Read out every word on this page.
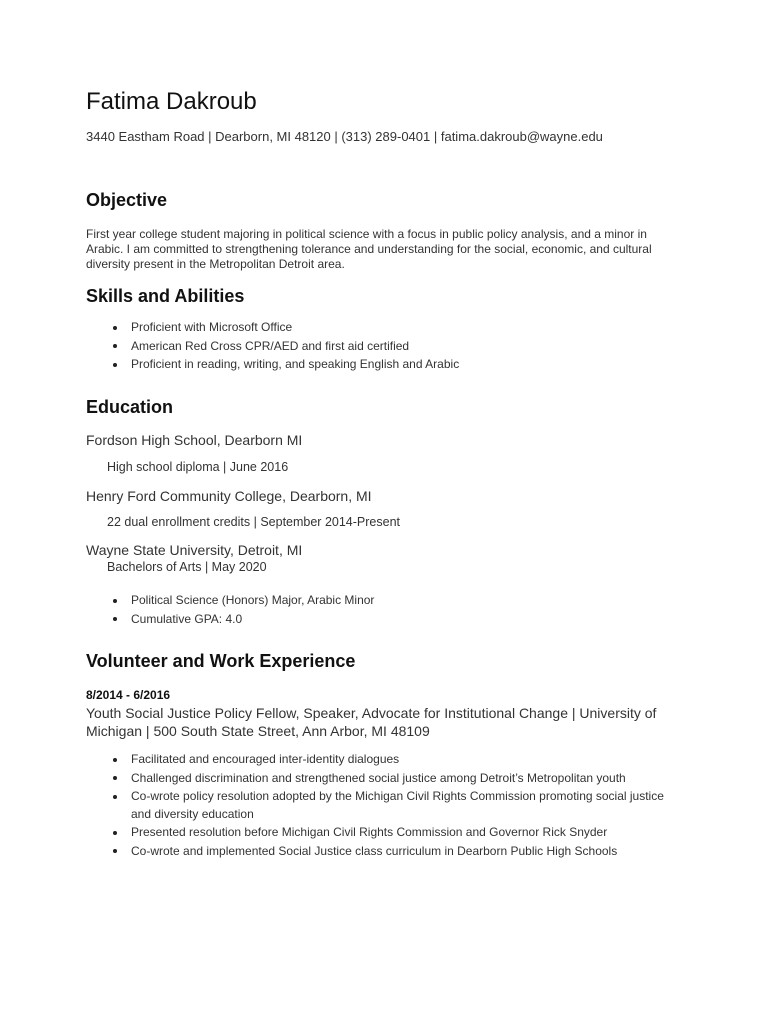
Fatima Dakroub
3440 Eastham Road | Dearborn, MI 48120 | (313) 289-0401 | fatima.dakroub@wayne.edu
Objective
First year college student majoring in political science with a focus in public policy analysis, and a minor in Arabic. I am committed to strengthening tolerance and understanding for the social, economic, and cultural diversity present in the Metropolitan Detroit area.
Skills and Abilities
Proficient with Microsoft Office
American Red Cross CPR/AED and first aid certified
Proficient in reading, writing, and speaking English and Arabic
Education
Fordson High School, Dearborn MI
High school diploma | June 2016
Henry Ford Community College, Dearborn, MI
22 dual enrollment credits | September 2014-Present
Wayne State University, Detroit, MI
Bachelors of Arts | May 2020
Political Science (Honors) Major, Arabic Minor
Cumulative GPA: 4.0
Volunteer and Work Experience
8/2014 - 6/2016
Youth Social Justice Policy Fellow, Speaker, Advocate for Institutional Change | University of Michigan | 500 South State Street, Ann Arbor, MI 48109
Facilitated and encouraged inter-identity dialogues
Challenged discrimination and strengthened social justice among Detroit’s Metropolitan youth
Co-wrote policy resolution adopted by the Michigan Civil Rights Commission promoting social justice and diversity education
Presented resolution before Michigan Civil Rights Commission and Governor Rick Snyder
Co-wrote and implemented Social Justice class curriculum in Dearborn Public High Schools
